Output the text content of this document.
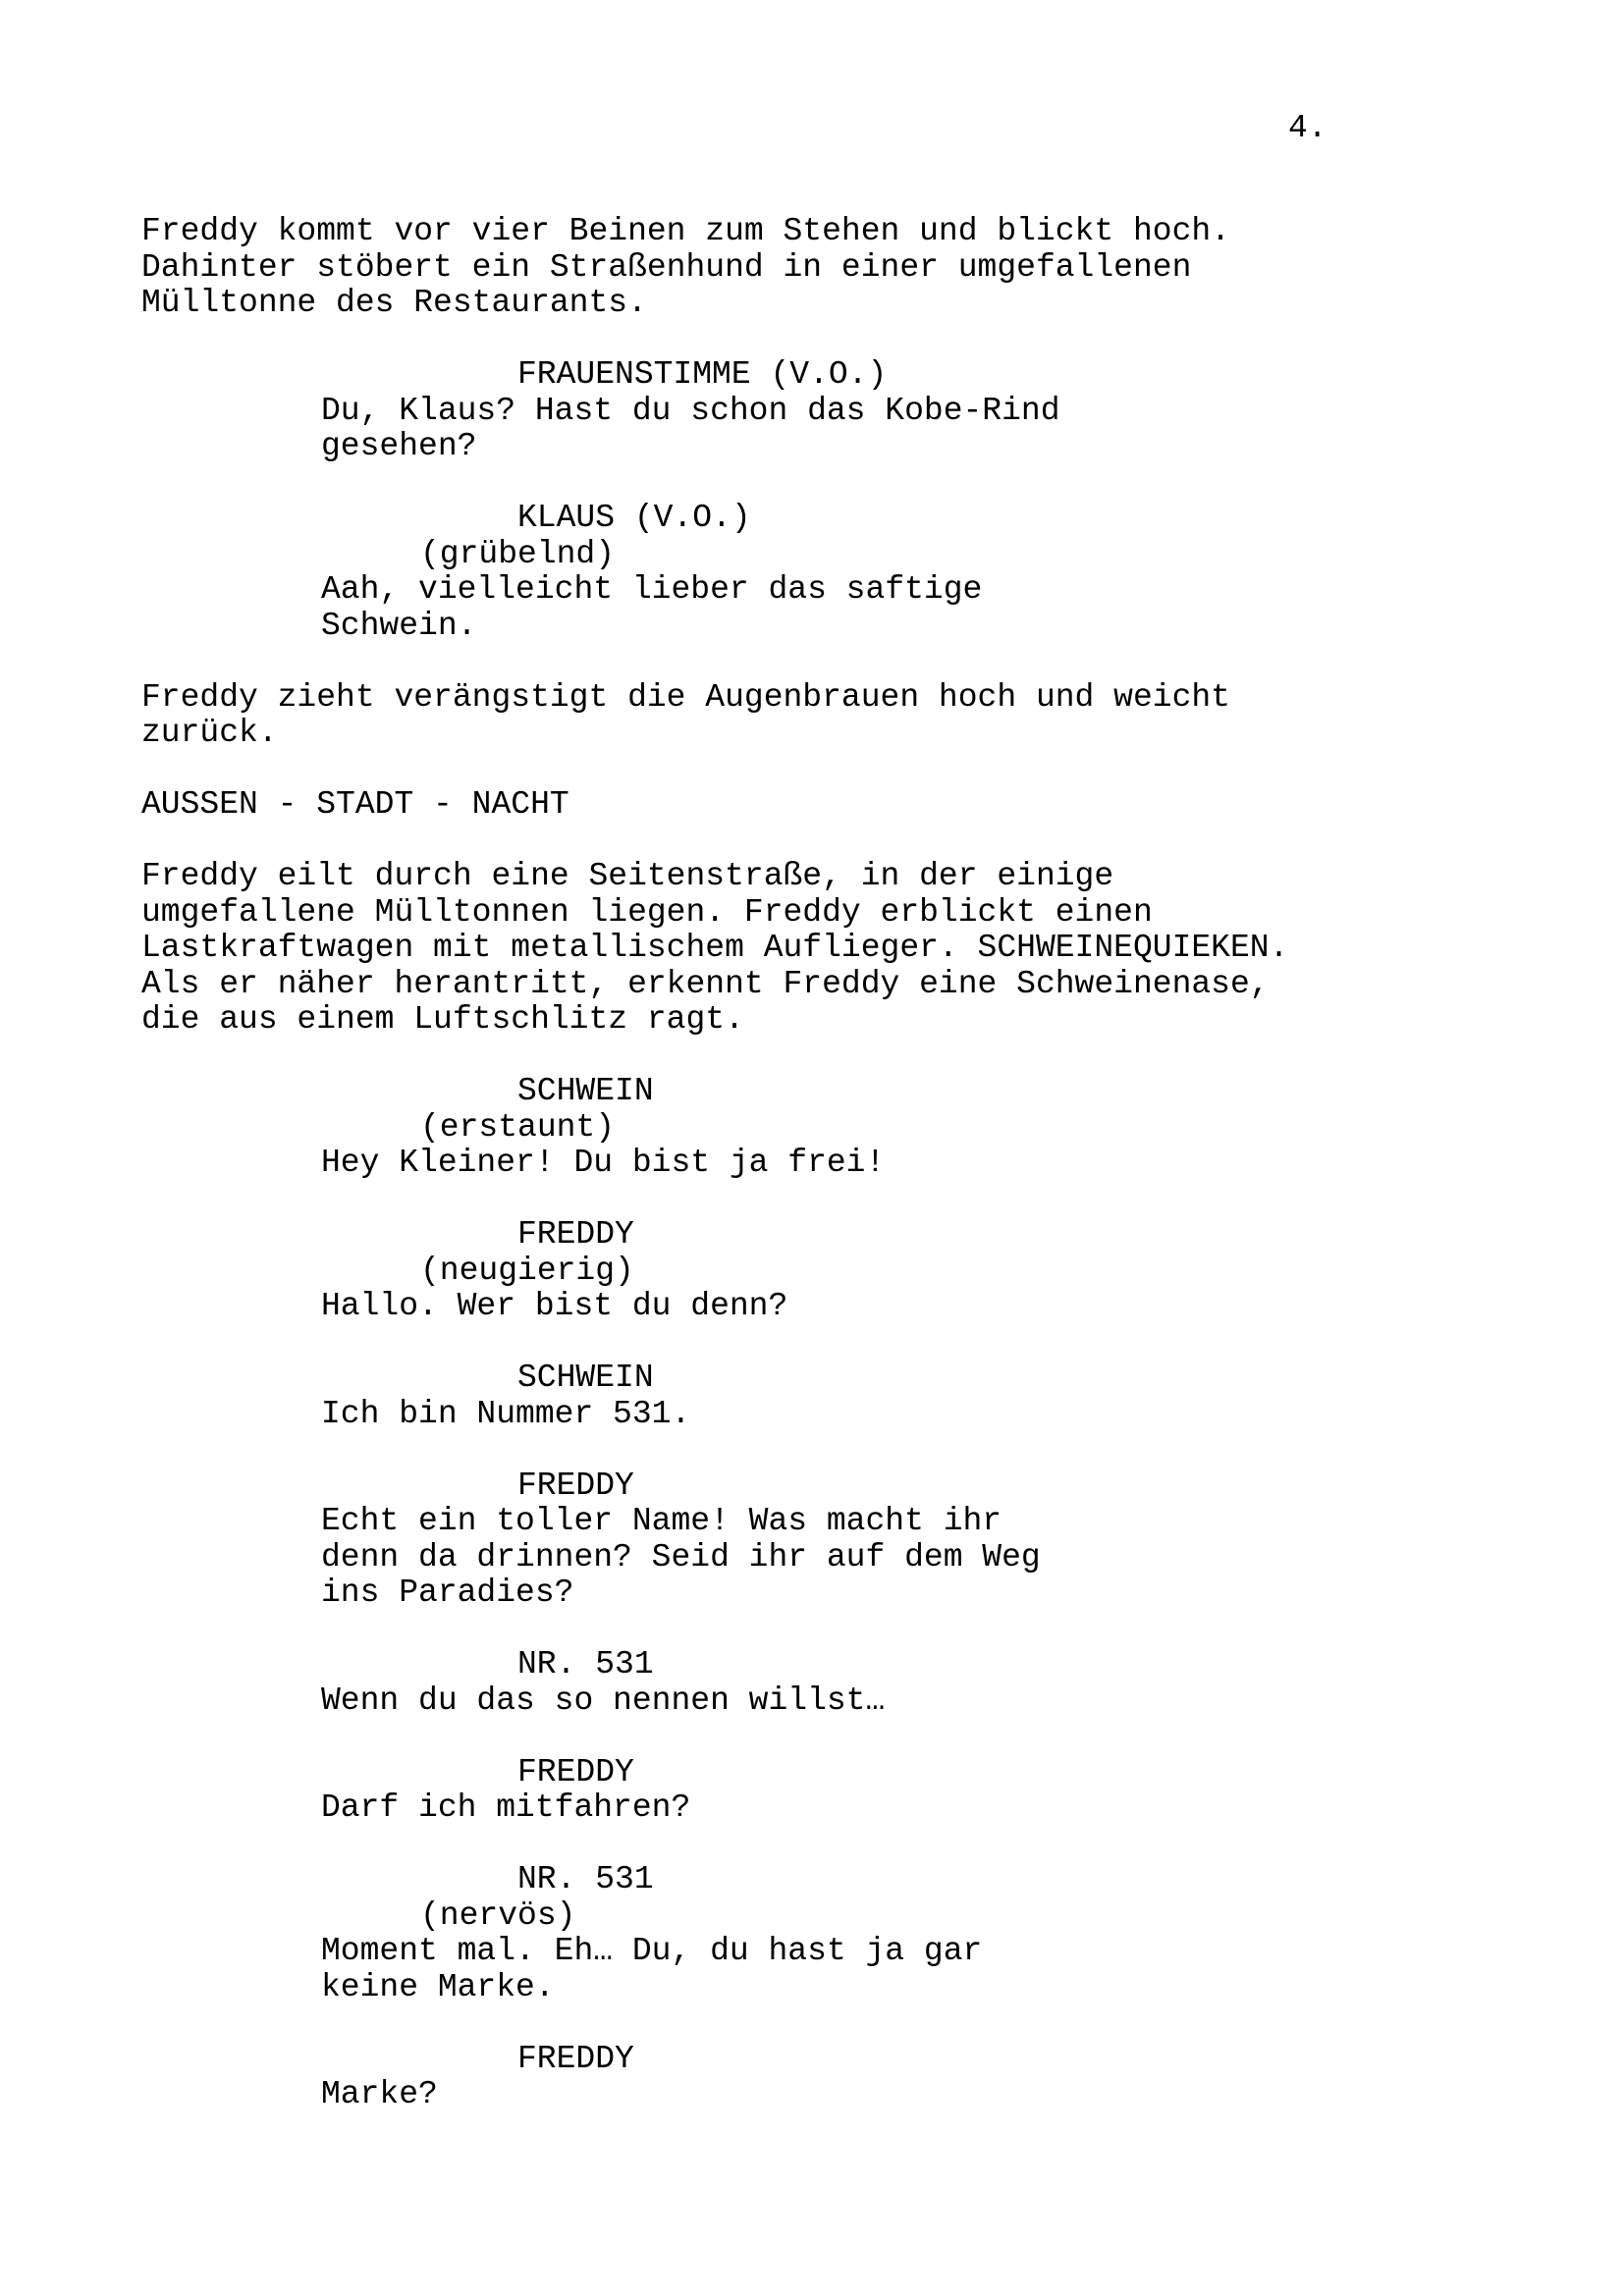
4.
Freddy kommt vor vier Beinen zum Stehen und blickt hoch.
Dahinter stöbert ein Straßenhund in einer umgefallenen
Mülltonne des Restaurants.
FRAUENSTIMME (V.O.)
Du, Klaus? Hast du schon das Kobe-Rind
gesehen?
KLAUS (V.O.)
(grübelnd)
Aah, vielleicht lieber das saftige
Schwein.
Freddy zieht verängstigt die Augenbrauen hoch und weicht
zurück.
AUSSEN - STADT - NACHT
Freddy eilt durch eine Seitenstraße, in der einige
umgefallene Mülltonnen liegen. Freddy erblickt einen
Lastkraftwagen mit metallischem Auflieger. SCHWEINEQUIEKEN.
Als er näher herantritt, erkennt Freddy eine Schweinenase,
die aus einem Luftschlitz ragt.
SCHWEIN
(erstaunt)
Hey Kleiner! Du bist ja frei!
FREDDY
(neugierig)
Hallo. Wer bist du denn?
SCHWEIN
Ich bin Nummer 531.
FREDDY
Echt ein toller Name! Was macht ihr
denn da drinnen? Seid ihr auf dem Weg
ins Paradies?
NR. 531
Wenn du das so nennen willst…
FREDDY
Darf ich mitfahren?
NR. 531
(nervös)
Moment mal. Eh… Du, du hast ja gar
keine Marke.
FREDDY
Marke?
